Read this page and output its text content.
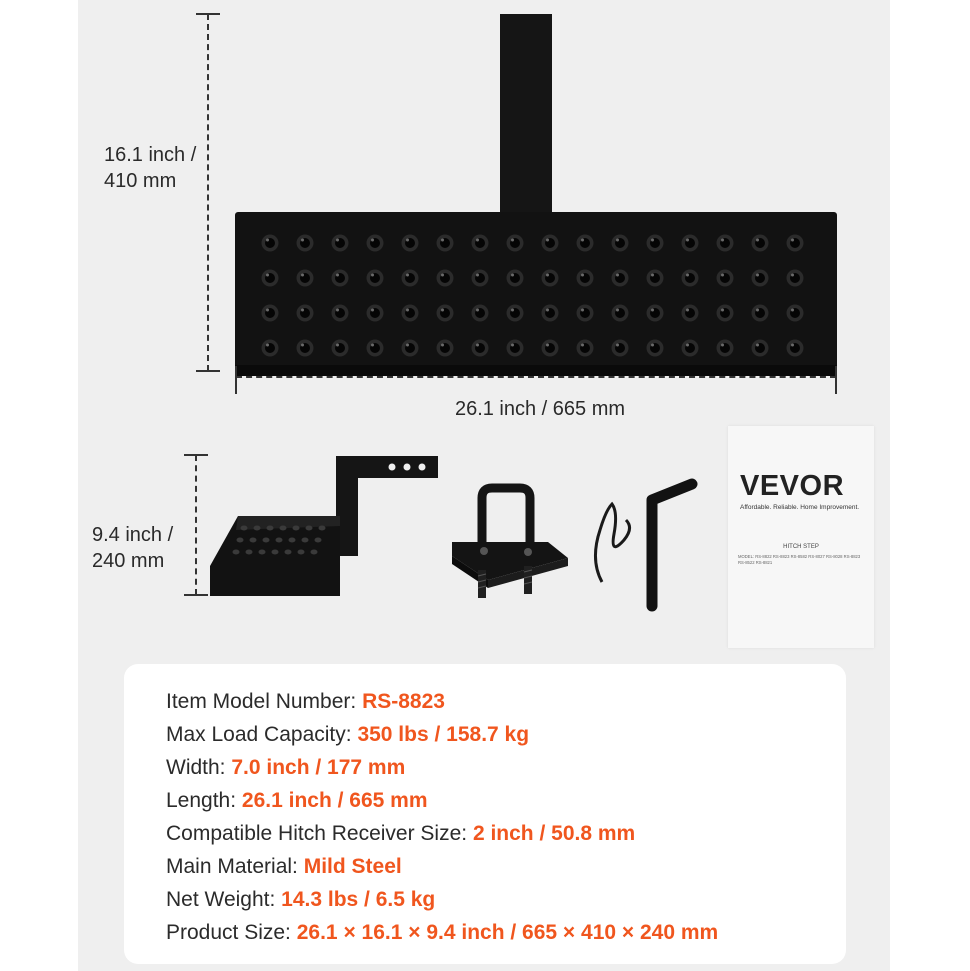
16.1 inch /
410 mm
26.1 inch / 665 mm
9.4 inch /
240 mm
VEVOR
Affordable. Reliable. Home Improvement.
HITCH STEP
MODEL: RS-8822 RS-8823 RS-8582 RS-8027 RS-8028 RS-8823 RS-8522 RS-8821
Item Model Number: RS-8823
Max Load Capacity: 350 lbs / 158.7 kg
Width: 7.0 inch / 177 mm
Length: 26.1 inch / 665 mm
Compatible Hitch Receiver Size: 2 inch / 50.8 mm
Main Material: Mild Steel
Net Weight: 14.3 lbs / 6.5 kg
Product Size: 26.1 × 16.1 × 9.4 inch / 665 × 410 × 240 mm
